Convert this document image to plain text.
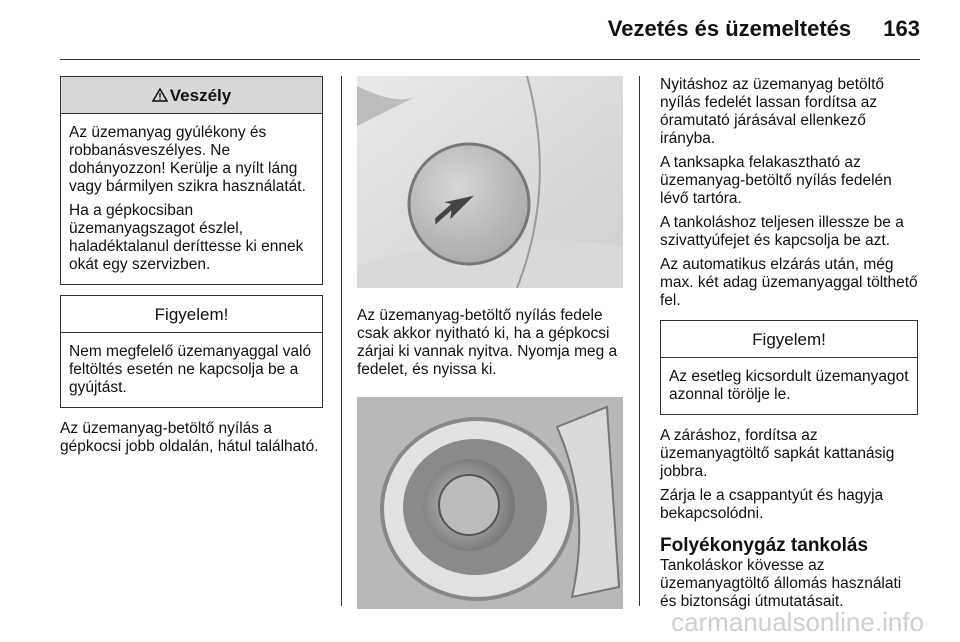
Vezetés és üzemeltetés 163
Veszély

Az üzemanyag gyúlékony és robbanásveszélyes. Ne dohányozzon! Kerülje a nyílt láng vagy bármilyen szikra használatát.

Ha a gépkocsiban üzemanyagszagot észlel, haladéktalanul deríttesse ki ennek okát egy szervizben.

Figyelem!

Nem megfelelő üzemanyaggal való feltöltés esetén ne kapcsolja be a gyújtást.

Az üzemanyag-betöltő nyílás a gépkocsi jobb oldalán, hátul található.

Az üzemanyag-betöltő nyílás fedele csak akkor nyitható ki, ha a gépkocsi zárjai ki vannak nyitva. Nyomja meg a fedelet, és nyissa ki.

Nyitáshoz az üzemanyag betöltő nyílás fedelét lassan fordítsa az óramutató járásával ellenkező irányba.

A tanksapka felakasztható az üzemanyag-betöltő nyílás fedelén lévő tartóra.

A tankoláshoz teljesen illessze be a szivattyúfejet és kapcsolja be azt.

Az automatikus elzárás után, még max. két adag üzemanyaggal tölthető fel.

Figyelem!

Az esetleg kicsordult üzemanyagot azonnal törölje le.

A záráshoz, fordítsa az üzemanyagtöltő sapkát kattanásig jobbra.

Zárja le a csappantyút és hagyja bekapcsolódni.

Folyékonygáz tankolás

Tankoláskor kövesse az üzemanyagtöltő állomás használati és biztonsági útmutatásait.

carmanualsonline.info
